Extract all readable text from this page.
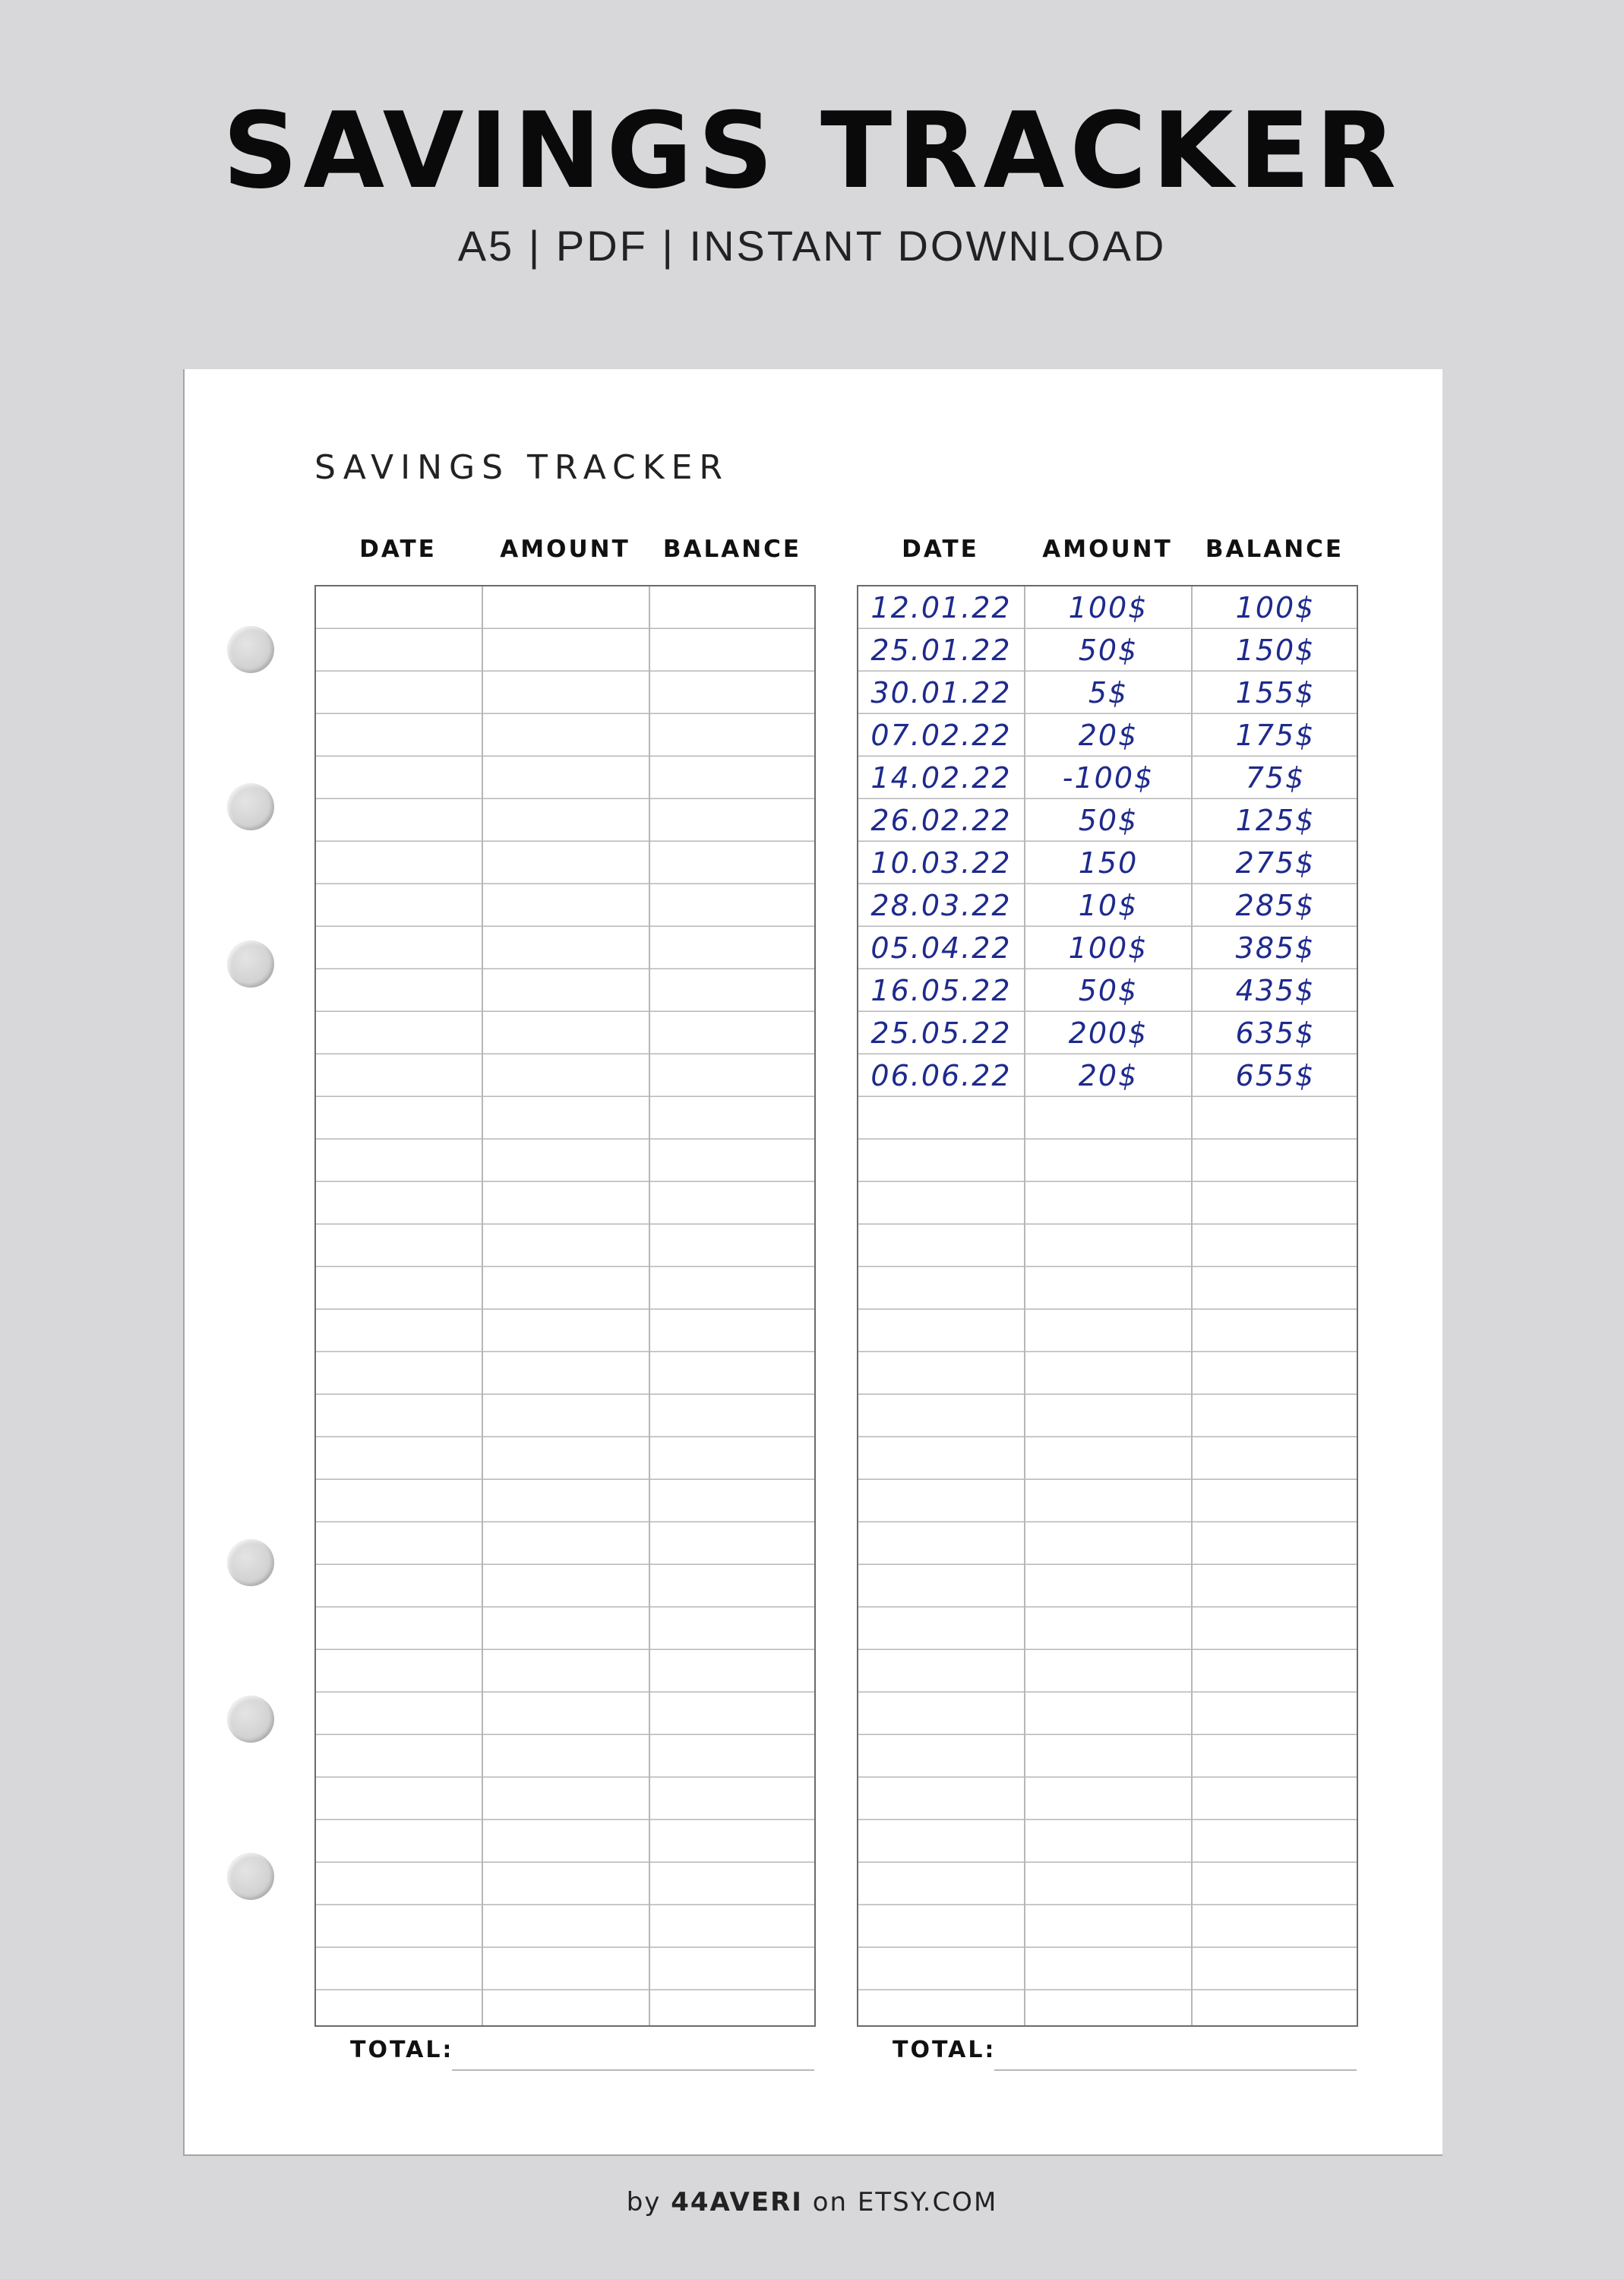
SAVINGS TRACKER
A5 | PDF | INSTANT DOWNLOAD
SAVINGS TRACKER
DATE	AMOUNT	BALANCE	DATE	AMOUNT	BALANCE
12.01.22	100$	100$
25.01.22	50$	150$
30.01.22	5$	155$
07.02.22	20$	175$
14.02.22	-100$	75$
26.02.22	50$	125$
10.03.22	150	275$
28.03.22	10$	285$
05.04.22	100$	385$
16.05.22	50$	435$
25.05.22	200$	635$
06.06.22	20$	655$
TOTAL:	TOTAL:
by 44AVERI on ETSY.COM
